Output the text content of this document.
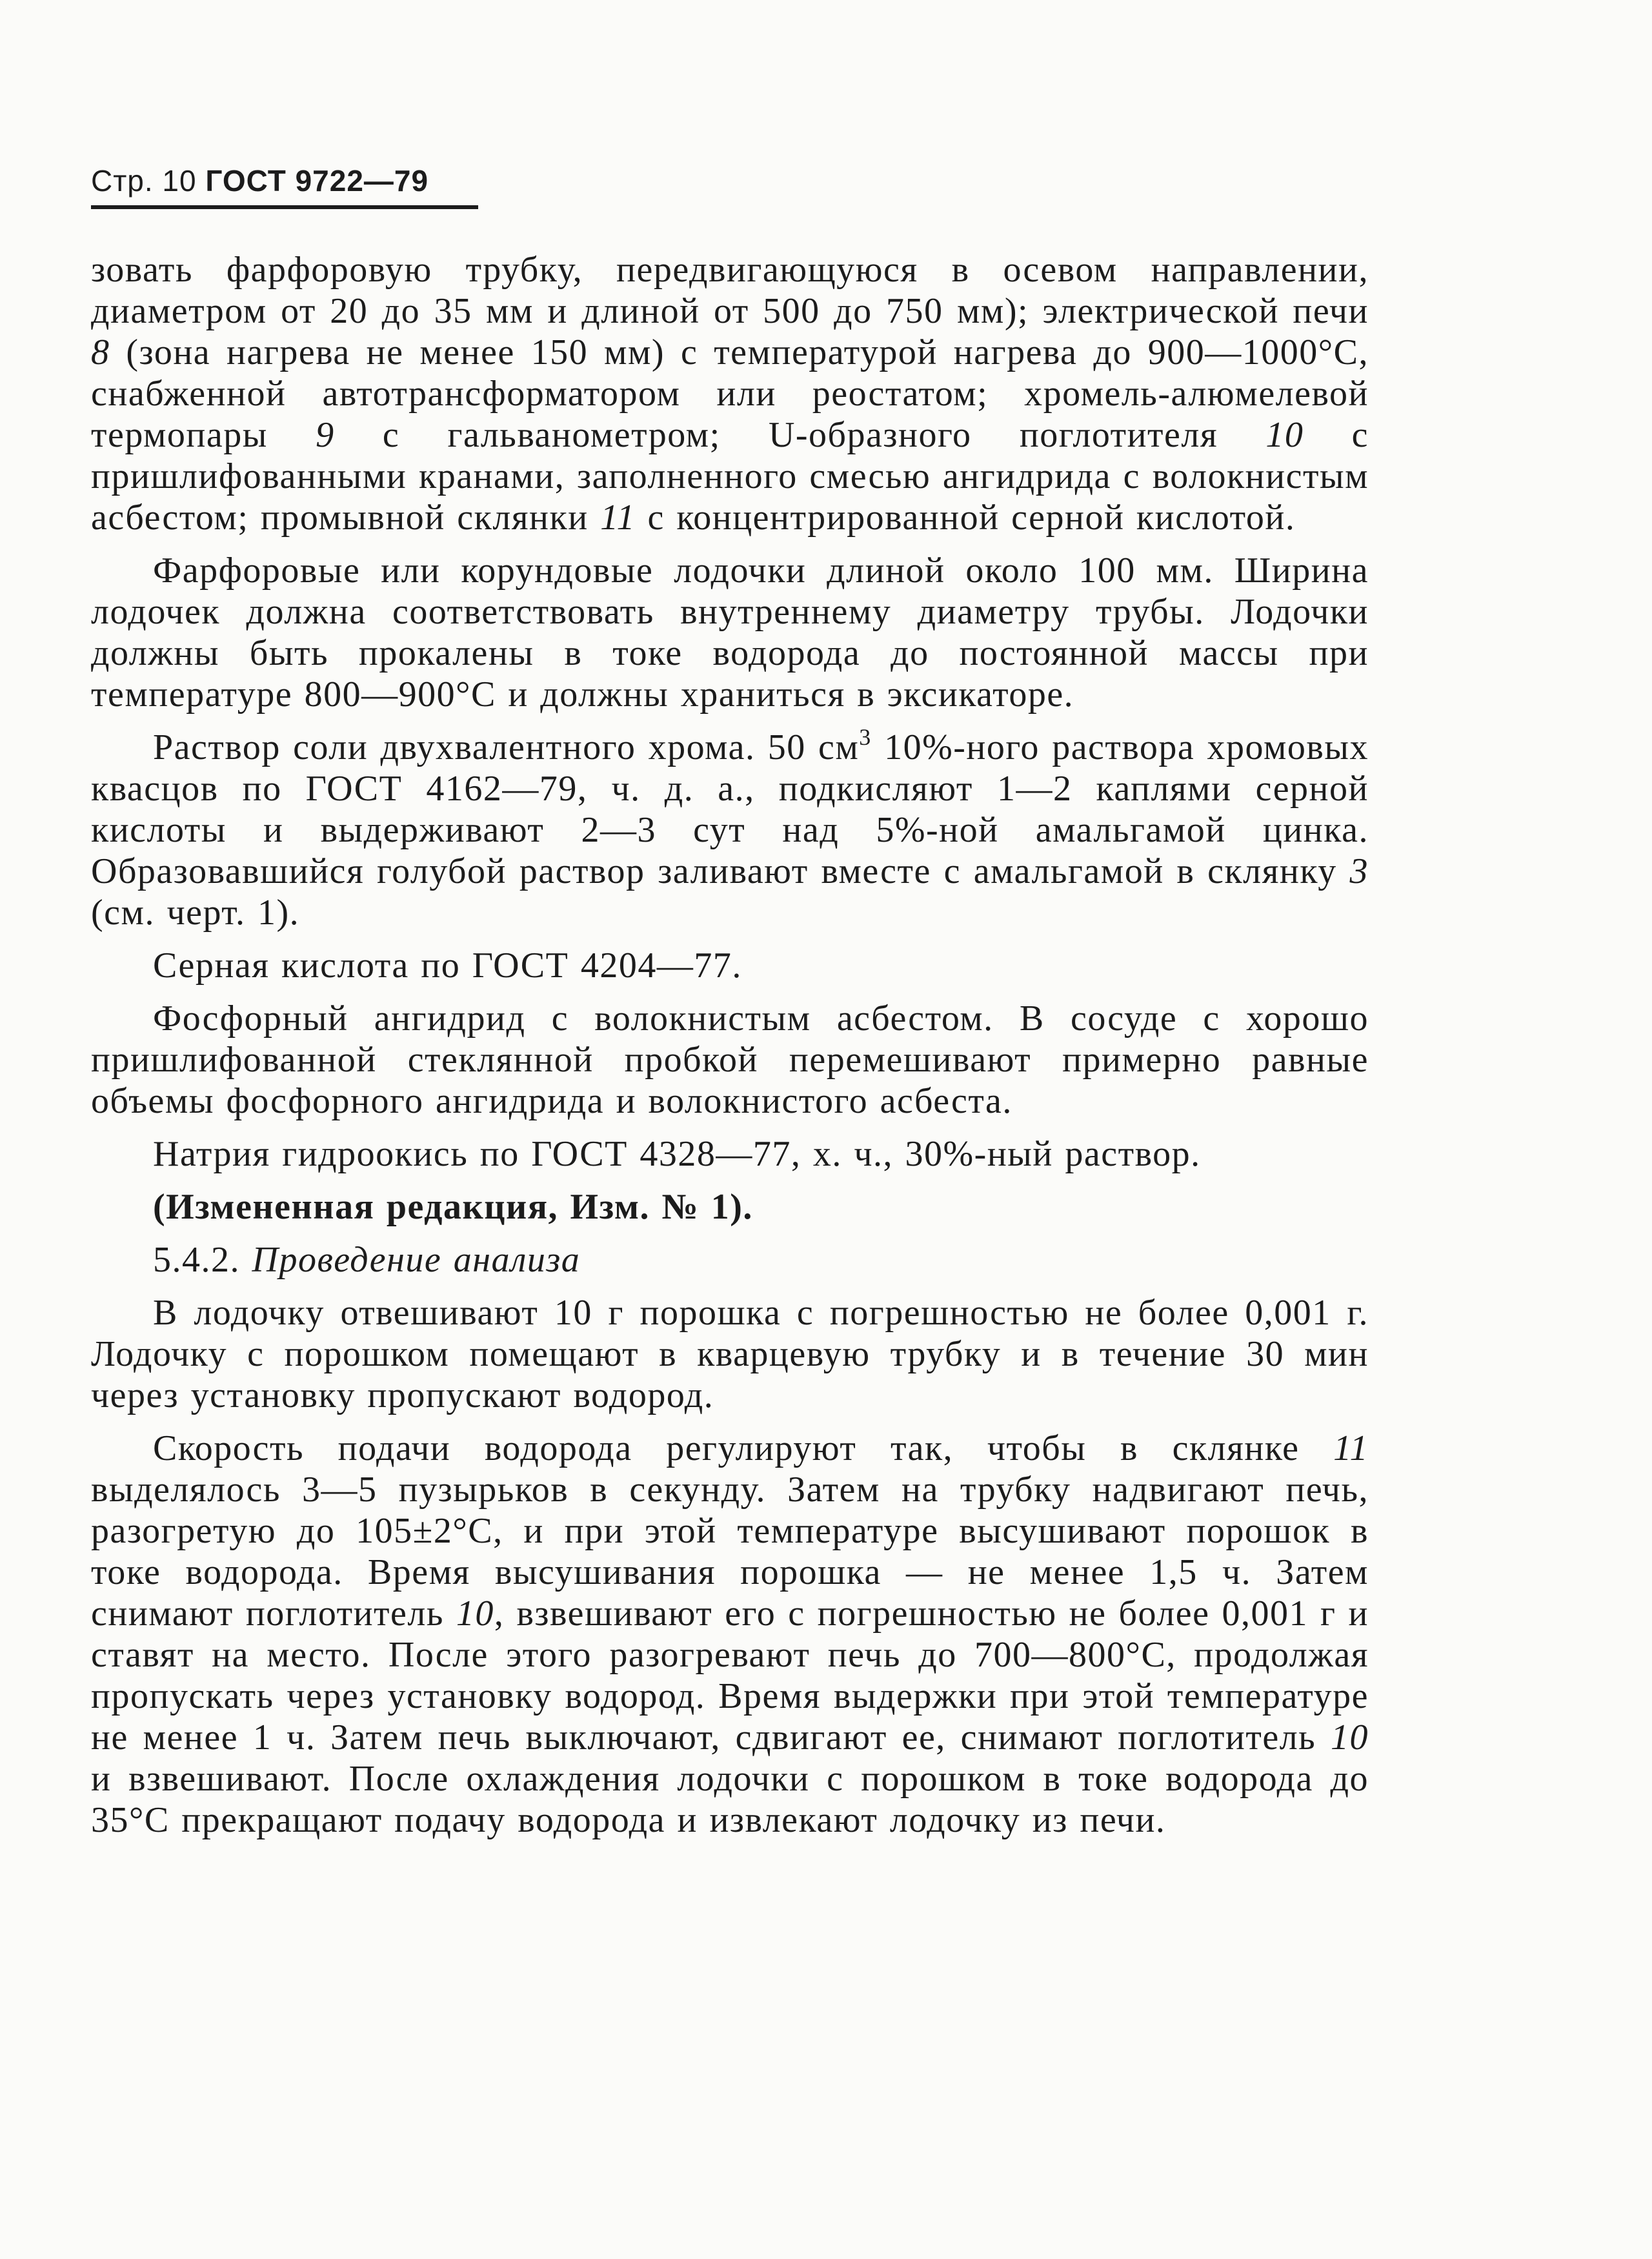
Стр. 10 ГОСТ 9722—79

зовать фарфоровую трубку, передвигающуюся в осевом направлении, диаметром от 20 до 35 мм и длиной от 500 до 750 мм); электрической печи 8 (зона нагрева не менее 150 мм) с температурой нагрева до 900—1000°С, снабженной автотрансформатором или реостатом; хромель-алюмелевой термопары 9 с гальванометром; U-образного поглотителя 10 с пришлифованными кранами, заполненного смесью ангидрида с волокнистым асбестом; промывной склянки 11 с концентрированной серной кислотой.

Фарфоровые или корундовые лодочки длиной около 100 мм. Ширина лодочек должна соответствовать внутреннему диаметру трубы. Лодочки должны быть прокалены в токе водорода до постоянной массы при температуре 800—900°С и должны храниться в эксикаторе.

Раствор соли двухвалентного хрома. 50 $см^3$ 10%-ного раствора хромовых квасцов по ГОСТ 4162—79, ч. д. а., подкисляют 1—2 каплями серной кислоты и выдерживают 2—3 сут над 5%-ной амальгамой цинка. Образовавшийся голубой раствор заливают вместе с амальгамой в склянку 3 (см. черт. 1).

Серная кислота по ГОСТ 4204—77.

Фосфорный ангидрид с волокнистым асбестом. В сосуде с хорошо пришлифованной стеклянной пробкой перемешивают примерно равные объемы фосфорного ангидрида и волокнистого асбеста.

Натрия гидроокись по ГОСТ 4328—77, х. ч., 30%-ный раствор.

(Измененная редакция, Изм. № 1).

5.4.2. Проведение анализа

В лодочку отвешивают 10 г порошка с погрешностью не более 0,001 г. Лодочку с порошком помещают в кварцевую трубку и в течение 30 мин через установку пропускают водород.

Скорость подачи водорода регулируют так, чтобы в склянке 11 выделялось 3—5 пузырьков в секунду. Затем на трубку надвигают печь, разогретую до 105±2°С, и при этой температуре высушивают порошок в токе водорода. Время высушивания порошка — не менее 1,5 ч. Затем снимают поглотитель 10, взвешивают его с погрешностью не более 0,001 г и ставят на место. После этого разогревают печь до 700—800°С, продолжая пропускать через установку водород. Время выдержки при этой температуре не менее 1 ч. Затем печь выключают, сдвигают ее, снимают поглотитель 10 и взвешивают. После охлаждения лодочки с порошком в токе водорода до 35°С прекращают подачу водорода и извлекают лодочку из печи.
